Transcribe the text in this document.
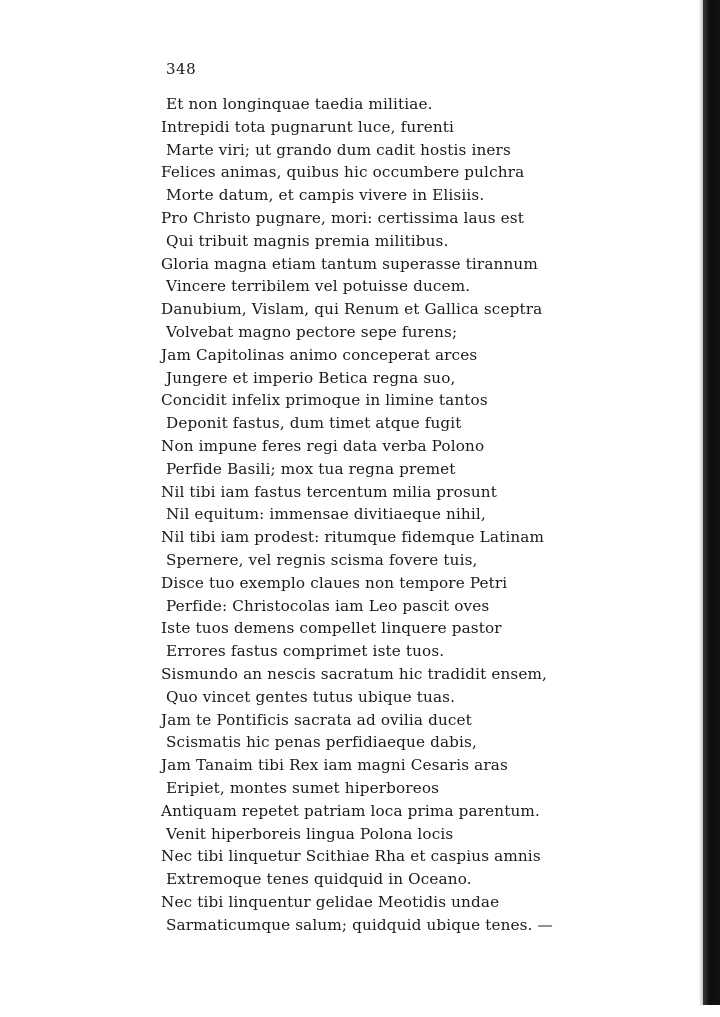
348
Et non longinquae taedia militiae.
Intrepidi tota pugnarunt luce, furenti
Marte viri; ut grando dum cadit hostis iners
Felices animas, quibus hic occumbere pulchra
Morte datum, et campis vivere in Elisiis.
Pro Christo pugnare, mori: certissima laus est
Qui tribuit magnis premia militibus.
Gloria magna etiam tantum superasse tirannum
Vincere terribilem vel potuisse ducem.
Danubium, Vislam, qui Renum et Gallica sceptra
Volvebat magno pectore sepe furens;
Jam Capitolinas animo conceperat arces
Jungere et imperio Betica regna suo,
Concidit infelix primoque in limine tantos
Deponit fastus, dum timet atque fugit
Non impune feres regi data verba Polono
Perfide Basili; mox tua regna premet
Nil tibi iam fastus tercentum milia prosunt
Nil equitum: immensae divitiaeque nihil,
Nil tibi iam prodest: ritumque fidemque Latinam
Spernere, vel regnis scisma fovere tuis,
Disce tuo exemplo claues non tempore Petri
Perfide: Christocolas iam Leo pascit oves
Iste tuos demens compellet linquere pastor
Errores fastus comprimet iste tuos.
Sismundo an nescis sacratum hic tradidit ensem,
Quo vincet gentes tutus ubique tuas.
Jam te Pontificis sacrata ad ovilia ducet
Scismatis hic penas perfidiaeque dabis,
Jam Tanaim tibi Rex iam magni Cesaris aras
Eripiet, montes sumet hiperboreos
Antiquam repetet patriam loca prima parentum.
Venit hiperboreis lingua Polona locis
Nec tibi linquetur Scithiae Rha et caspius amnis
Extremoque tenes quidquid in Oceano.
Nec tibi linquentur gelidae Meotidis undae
Sarmaticumque salum; quidquid ubique tenes. —
